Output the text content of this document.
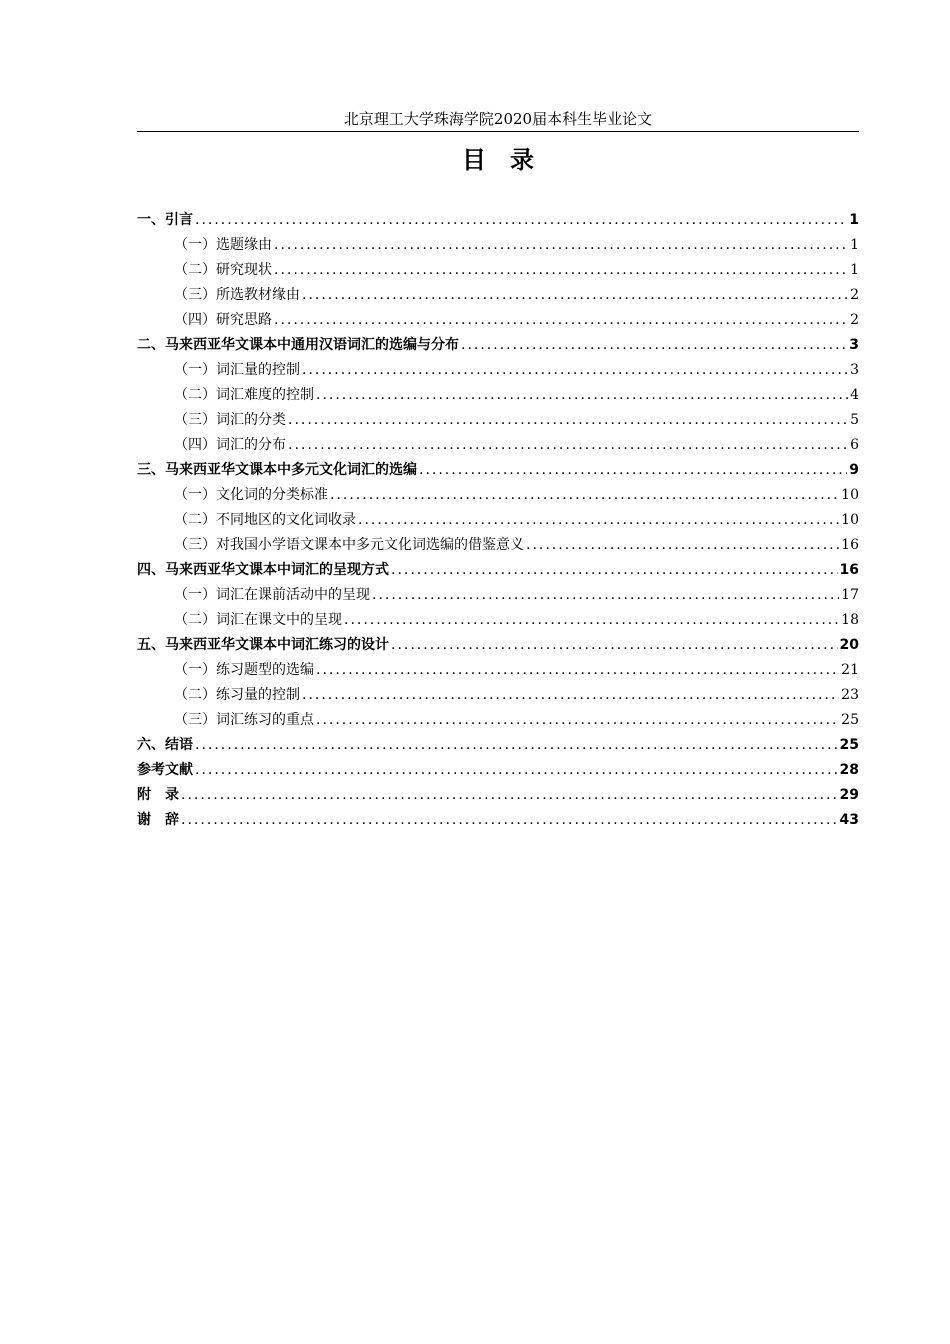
北京理工大学珠海学院2020届本科生毕业论文
目录
一、引言 .....	1
（一）选题缘由 .....	1
（二）研究现状 .....	1
（三）所选教材缘由 .....	2
（四）研究思路 .....	2
二、马来西亚华文课本中通用汉语词汇的选编与分布 .....	3
（一）词汇量的控制 .....	3
（二）词汇难度的控制 .....	4
（三）词汇的分类 .....	5
（四）词汇的分布 .....	6
三、马来西亚华文课本中多元文化词汇的选编 .....	9
（一）文化词的分类标准 .....	10
（二）不同地区的文化词收录 .....	10
（三）对我国小学语文课本中多元文化词选编的借鉴意义 .....	16
四、马来西亚华文课本中词汇的呈现方式 .....	16
（一）词汇在课前活动中的呈现 .....	17
（二）词汇在课文中的呈现 .....	18
五、马来西亚华文课本中词汇练习的设计 .....	20
（一）练习题型的选编 .....	21
（二）练习量的控制 .....	23
（三）词汇练习的重点 .....	25
六、结语 .....	25
参考文献 .....	28
附　录 .....	29
谢　辞 .....	43
